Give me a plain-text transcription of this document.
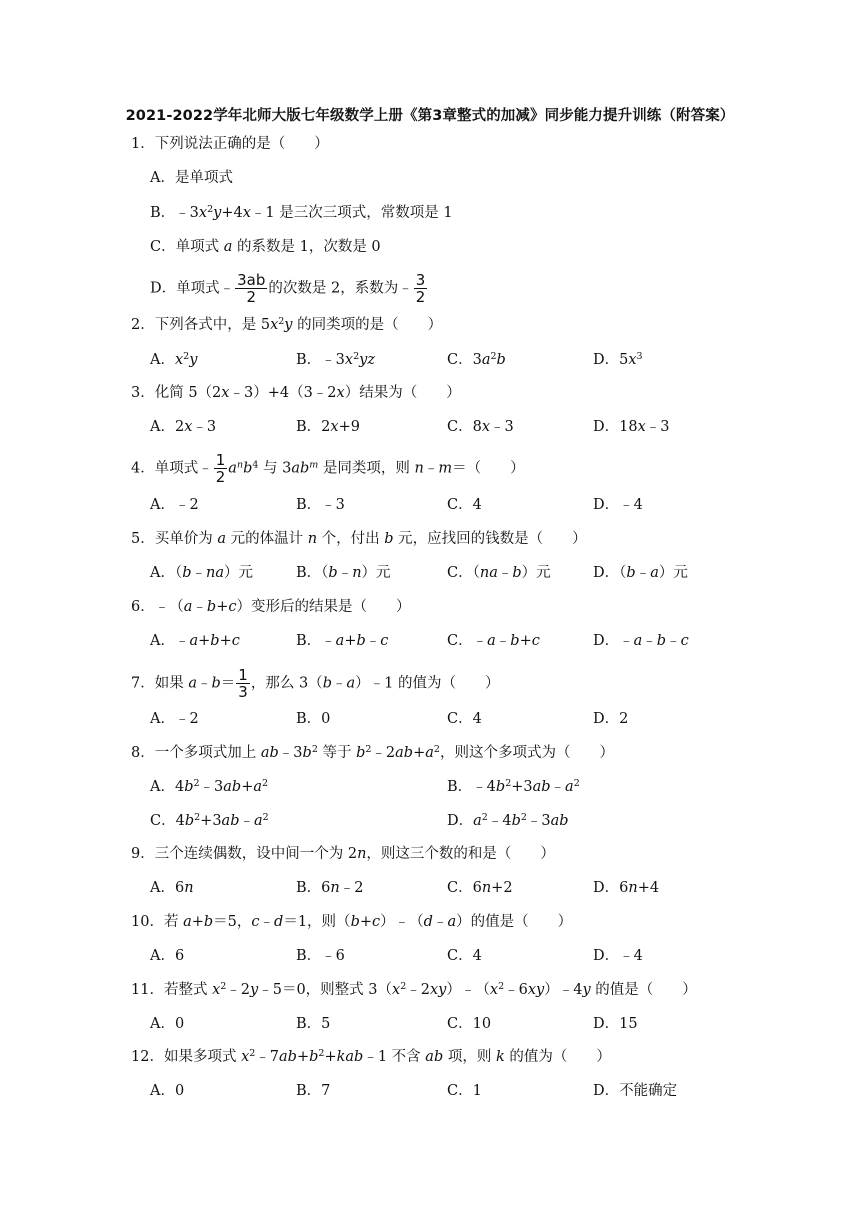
2021-2022学年北师大版七年级数学上册《第3章整式的加减》同步能力提升训练（附答案）
1．下列说法正确的是（　　）
A．是单项式
B．$﹣3x^2y+4x﹣1$ 是三次三项式，常数项是 1
C．单项式 a 的系数是 1，次数是 0
D．单项式﹣ $\frac{3ab}{2}$ 的次数是 2，系数为﹣ $\frac{3}{2}$
2．下列各式中，是 $5x^2y$ 的同类项的是（　　）
A．$x^2y$	B．$﹣3x^2yz$	C．$3a^2b$	D．$5x^3$
3．化简 5（2x﹣3）+4（3﹣2x）结果为（　　）
A．2x﹣3	B．2x+9	C．8x﹣3	D．18x﹣3
4．单项式﹣ $\frac{1}{2} a^nb^4$ 与 $3ab^m$ 是同类项，则 n﹣m＝（　　）
A．﹣2	B．﹣3	C．4	D．﹣4
5．买单价为 a 元的体温计 n 个，付出 b 元，应找回的钱数是（　　）
A．（b﹣na）元	B．（b﹣n）元	C．（na﹣b）元	D．（b﹣a）元
6．﹣（a﹣b+c）变形后的结果是（　　）
A．﹣a+b+c	B．﹣a+b﹣c	C．﹣a﹣b+c	D．﹣a﹣b﹣c
7．如果 a﹣b＝ $\frac{1}{3}$ ，那么 3（b﹣a）﹣1 的值为（　　）
A．﹣2	B．0	C．4	D．2
8．一个多项式加上 $ab﹣3b^2$ 等于 $b^2﹣2ab+a^2$，则这个多项式为（　　）
A．$4b^2﹣3ab+a^2$	B．$﹣4b^2+3ab﹣a^2$
C．$4b^2+3ab﹣a^2$	D．$a^2﹣4b^2﹣3ab$
9．三个连续偶数，设中间一个为 2n，则这三个数的和是（　　）
A．6n	B．6n﹣2	C．6n+2	D．6n+4
10．若 a+b＝5，c﹣d＝1，则（b+c）﹣（d﹣a）的值是（　　）
A．6	B．﹣6	C．4	D．﹣4
11．若整式 $x^2﹣2y﹣5=0$，则整式 $3(x^2﹣2xy)﹣(x^2﹣6xy)﹣4y$ 的值是（　　）
A．0	B．5	C．10	D．15
12．如果多项式 $x^2﹣7ab+b^2+kab﹣1$ 不含 ab 项，则 k 的值为（　　）
A．0	B．7	C．1	D．不能确定
